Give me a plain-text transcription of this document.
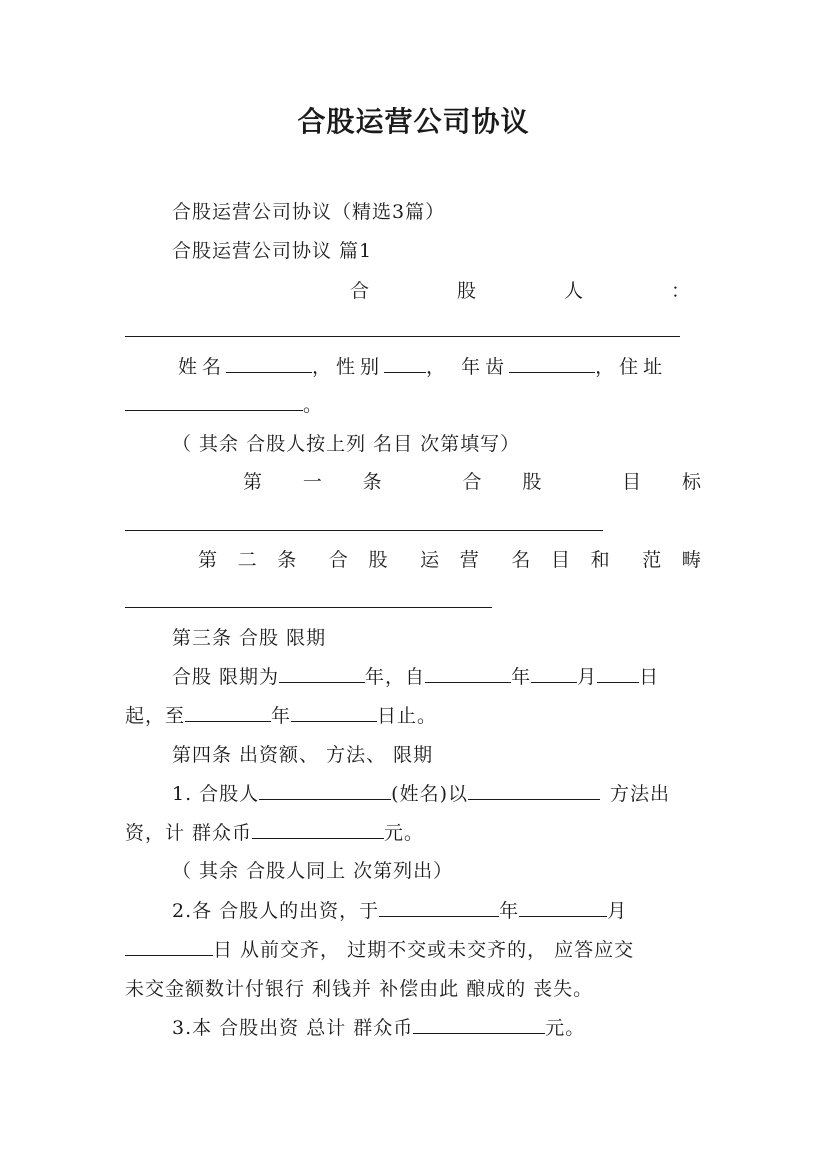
合股运营公司协议
合股运营公司协议（精选3篇）
合股运营公司协议 篇1
合	股	人	：
姓名	，性别 ， 年齿	，住址
。
（ 其余 合股人按上列 名目 次第填写）
第 一 条	合 股	目 标
第 二 条 合 股 运 营 名 目 和 范 畴
第三条 合股 限期
合股 限期为	年，自	年 月 日
起，至	年	日止。
第四条 出资额、 方法、 限期
1. 合股人	(姓名)以	方法出
资，计 群众币	元。
（ 其余 合股人同上 次第列出）
2.各 合股人的出资，于	年	月
日 从前交齐， 过期不交或未交齐的， 应答应交
未交金额数计付银行 利钱并 补偿由此 酿成的 丧失。
3.本 合股出资 总计 群众币	元。
